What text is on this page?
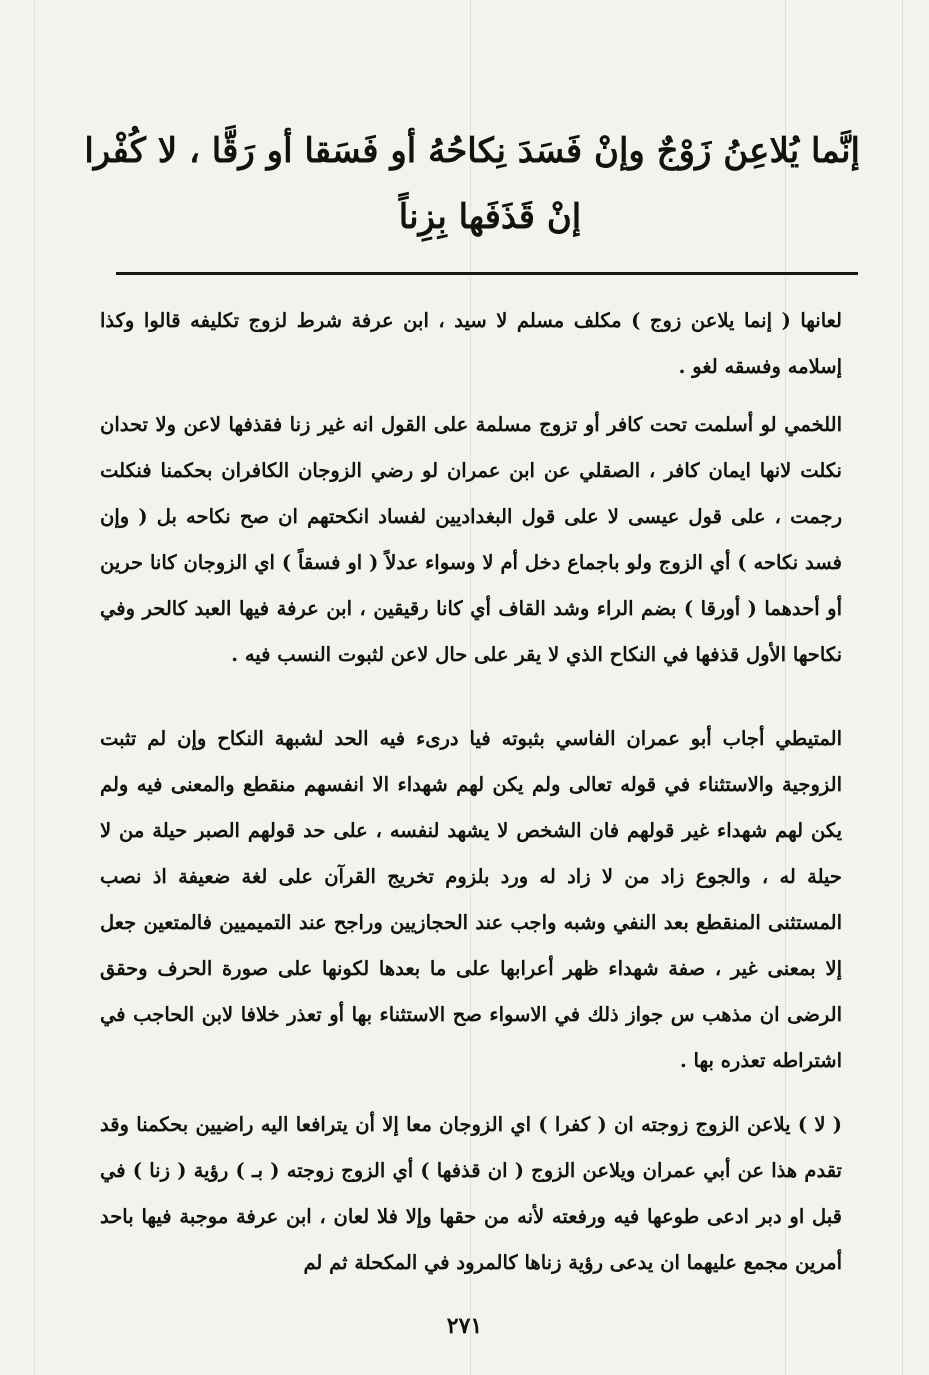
إنَّما يُلاعِنُ زَوْجٌ وإنْ فَسَدَ نِكاحُهُ أو فَسَقا أو رَقَّا ، لا كُفْرا
إنْ قَذَفَها بِزِناً

لعانها ( إنما يلاعن زوج ) مكلف مسلم لا سيد ، ابن عرفة شرط لزوج تكليفه قالوا وكذا إسلامه وفسقه لغو .

اللخمي لو أسلمت تحت كافر أو تزوج مسلمة على القول انه غير زنا فقذفها لاعن ولا تحدان نكلت لانها ايمان كافر ، الصقلي عن ابن عمران لو رضي الزوجان الكافران بحكمنا فنكلت رجمت ، على قول عيسى لا على قول البغداديين لفساد انكحتهم ان صح نكاحه بل ( وإن فسد نكاحه ) أي الزوج ولو باجماع دخل أم لا وسواء عدلاً ( او فسقاً ) اي الزوجان كانا حرين أو أحدهما ( أورقا ) بضم الراء وشد القاف أي كانا رقيقين ، ابن عرفة فيها العبد كالحر وفي نكاحها الأول قذفها في النكاح الذي لا يقر على حال لاعن لثبوت النسب فيه .

المتيطي أجاب أبو عمران الفاسي بثبوته فيا درىء فيه الحد لشبهة النكاح وإن لم تثبت الزوجية والاستثناء في قوله تعالى ولم يكن لهم شهداء الا انفسهم منقطع والمعنى فيه ولم يكن لهم شهداء غير قولهم فان الشخص لا يشهد لنفسه ، على حد قولهم الصبر حيلة من لا حيلة له ، والجوع زاد من لا زاد له ورد بلزوم تخريج القرآن على لغة ضعيفة اذ نصب المستثنى المنقطع بعد النفي وشبه واجب عند الحجازيين وراجح عند التميميين فالمتعين جعل إلا بمعنى غير ، صفة شهداء ظهر أعرابها على ما بعدها لكونها على صورة الحرف وحقق الرضى ان مذهب س جواز ذلك في الاسواء صح الاستثناء بها أو تعذر خلافا لابن الحاجب في اشتراطه تعذره بها .

( لا ) يلاعن الزوج زوجته ان ( كفرا ) اي الزوجان معا إلا أن يترافعا اليه راضيين بحكمنا وقد تقدم هذا عن أبي عمران ويلاعن الزوج ( ان قذفها ) أي الزوج زوجته ( بـ ) رؤية ( زنا ) في قبل او دبر ادعى طوعها فيه ورفعته لأنه من حقها وإلا فلا لعان ، ابن عرفة موجبة فيها باحد أمرين مجمع عليهما ان يدعى رؤية زناها كالمرود في المكحلة ثم لم

٢٧١
